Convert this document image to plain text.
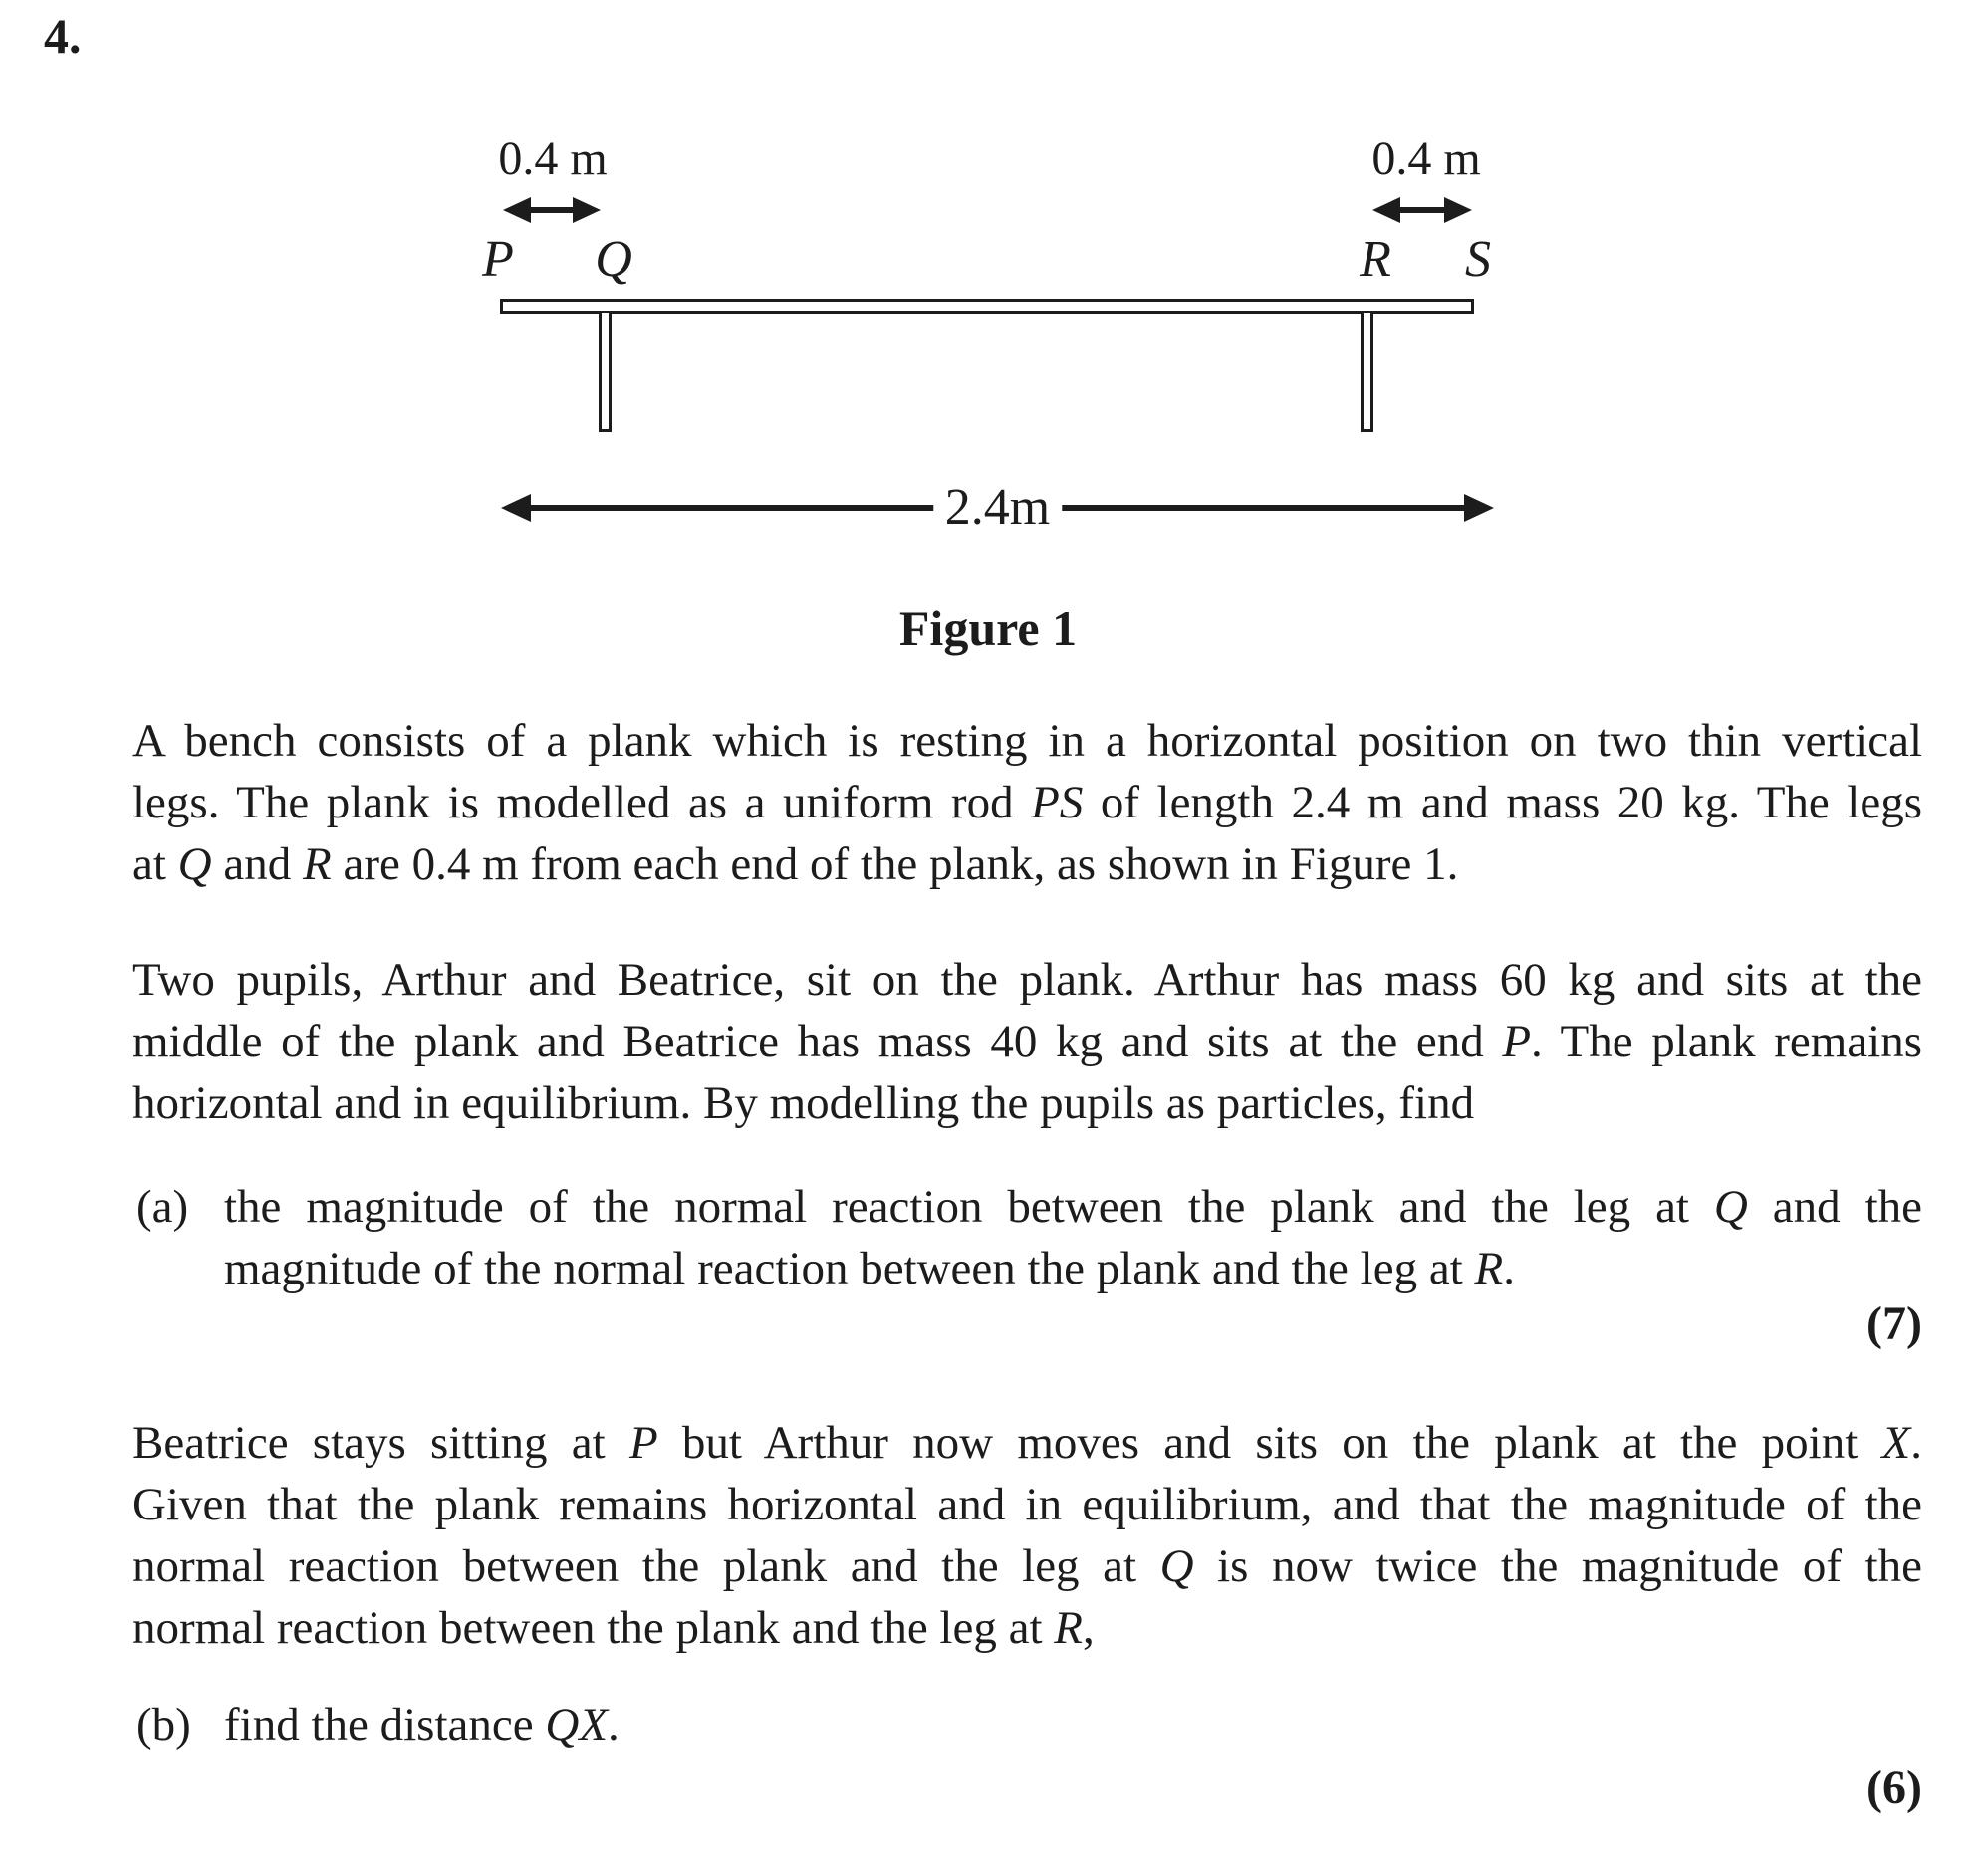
4.
0.4 m	0.4 m
P Q	R S
2.4m
Figure 1
A bench consists of a plank which is resting in a horizontal position on two thin vertical
legs. The plank is modelled as a uniform rod PS of length 2.4 m and mass 20 kg. The legs
at Q and R are 0.4 m from each end of the plank, as shown in Figure 1.
Two pupils, Arthur and Beatrice, sit on the plank. Arthur has mass 60 kg and sits at the
middle of the plank and Beatrice has mass 40 kg and sits at the end P. The plank remains
horizontal and in equilibrium. By modelling the pupils as particles, find
(a) the magnitude of the normal reaction between the plank and the leg at Q and the
magnitude of the normal reaction between the plank and the leg at R.
(7)
Beatrice stays sitting at P but Arthur now moves and sits on the plank at the point X.
Given that the plank remains horizontal and in equilibrium, and that the magnitude of the
normal reaction between the plank and the leg at Q is now twice the magnitude of the
normal reaction between the plank and the leg at R,
(b) find the distance QX.
(6)
